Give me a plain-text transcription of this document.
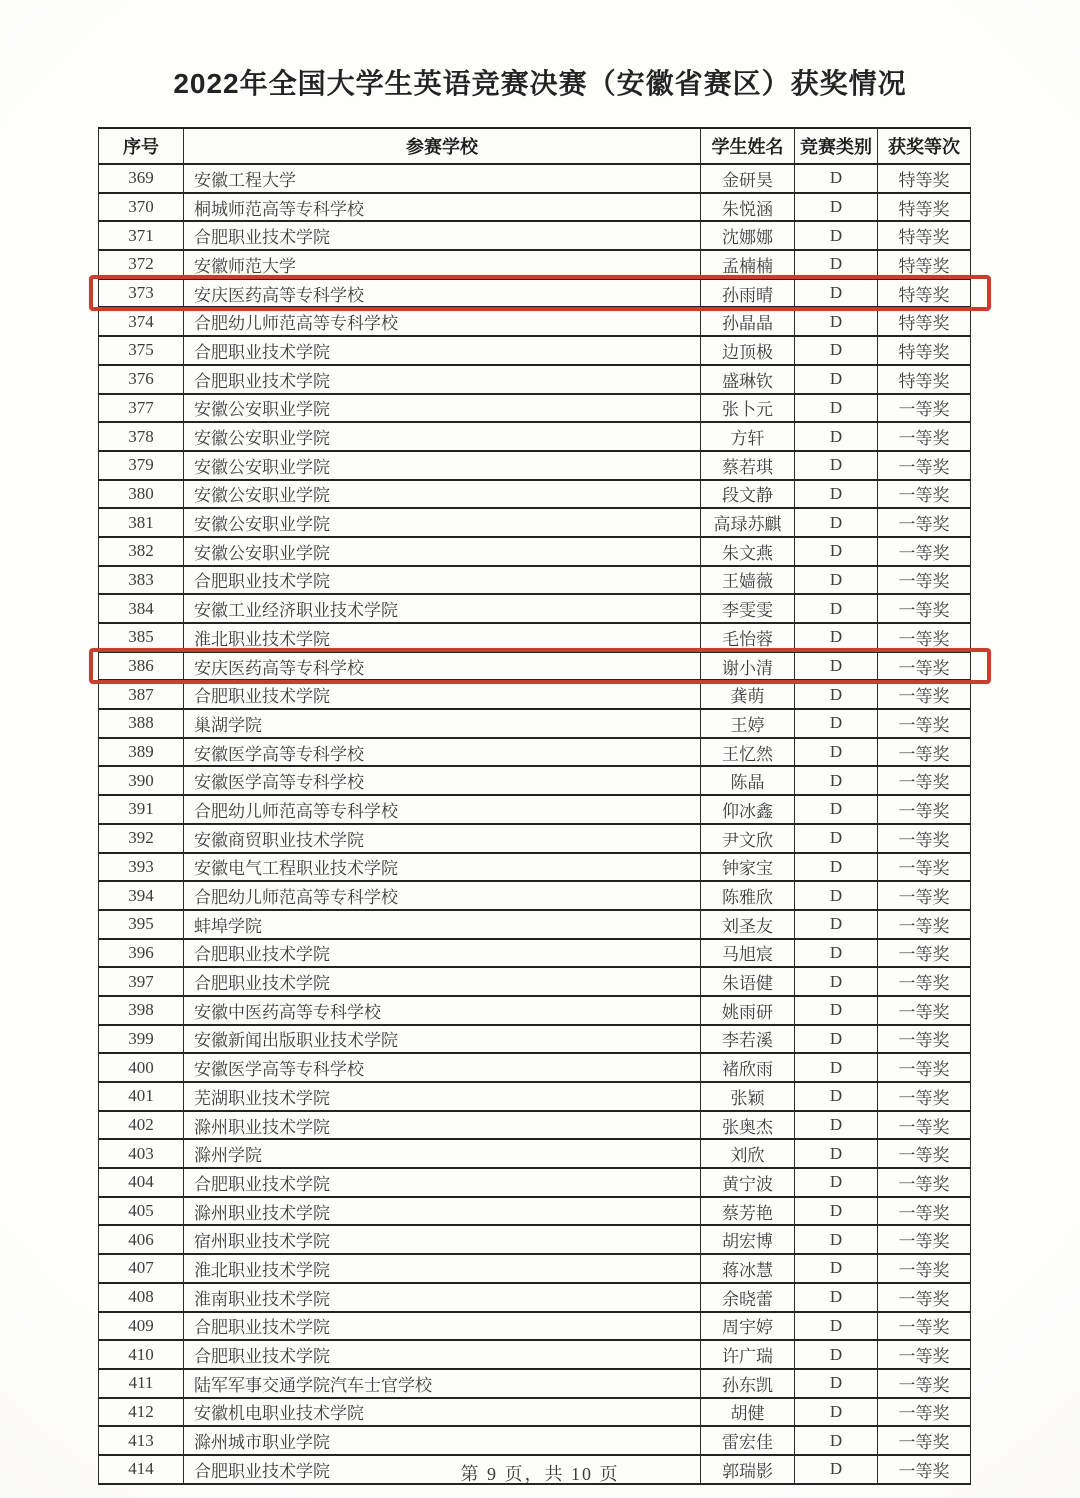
2022年全国大学生英语竞赛决赛（安徽省赛区）获奖情况
序号	参赛学校	学生姓名	竞赛类别	获奖等次
369	安徽工程大学	金研昊	D	特等奖
370	桐城师范高等专科学校	朱悦涵	D	特等奖
371	合肥职业技术学院	沈娜娜	D	特等奖
372	安徽师范大学	孟楠楠	D	特等奖
373	安庆医药高等专科学校	孙雨晴	D	特等奖
374	合肥幼儿师范高等专科学校	孙晶晶	D	特等奖
375	合肥职业技术学院	边顶极	D	特等奖
376	合肥职业技术学院	盛琳钦	D	特等奖
377	安徽公安职业学院	张卜元	D	一等奖
378	安徽公安职业学院	方轩	D	一等奖
379	安徽公安职业学院	蔡若琪	D	一等奖
380	安徽公安职业学院	段文静	D	一等奖
381	安徽公安职业学院	高琭苏麒	D	一等奖
382	安徽公安职业学院	朱文燕	D	一等奖
383	合肥职业技术学院	王嫱薇	D	一等奖
384	安徽工业经济职业技术学院	李雯雯	D	一等奖
385	淮北职业技术学院	毛怡蓉	D	一等奖
386	安庆医药高等专科学校	谢小清	D	一等奖
387	合肥职业技术学院	龚萌	D	一等奖
388	巢湖学院	王婷	D	一等奖
389	安徽医学高等专科学校	王忆然	D	一等奖
390	安徽医学高等专科学校	陈晶	D	一等奖
391	合肥幼儿师范高等专科学校	仰冰鑫	D	一等奖
392	安徽商贸职业技术学院	尹文欣	D	一等奖
393	安徽电气工程职业技术学院	钟家宝	D	一等奖
394	合肥幼儿师范高等专科学校	陈雅欣	D	一等奖
395	蚌埠学院	刘圣友	D	一等奖
396	合肥职业技术学院	马旭宸	D	一等奖
397	合肥职业技术学院	朱语健	D	一等奖
398	安徽中医药高等专科学校	姚雨研	D	一等奖
399	安徽新闻出版职业技术学院	李若溪	D	一等奖
400	安徽医学高等专科学校	褚欣雨	D	一等奖
401	芜湖职业技术学院	张颖	D	一等奖
402	滁州职业技术学院	张奥杰	D	一等奖
403	滁州学院	刘欣	D	一等奖
404	合肥职业技术学院	黄宁波	D	一等奖
405	滁州职业技术学院	蔡芳艳	D	一等奖
406	宿州职业技术学院	胡宏博	D	一等奖
407	淮北职业技术学院	蒋冰慧	D	一等奖
408	淮南职业技术学院	余晓蕾	D	一等奖
409	合肥职业技术学院	周宇婷	D	一等奖
410	合肥职业技术学院	许广瑞	D	一等奖
411	陆军军事交通学院汽车士官学校	孙东凯	D	一等奖
412	安徽机电职业技术学院	胡健	D	一等奖
413	滁州城市职业学院	雷宏佳	D	一等奖
414	合肥职业技术学院	郭瑞影	D	一等奖
第 9 页，共 10 页
